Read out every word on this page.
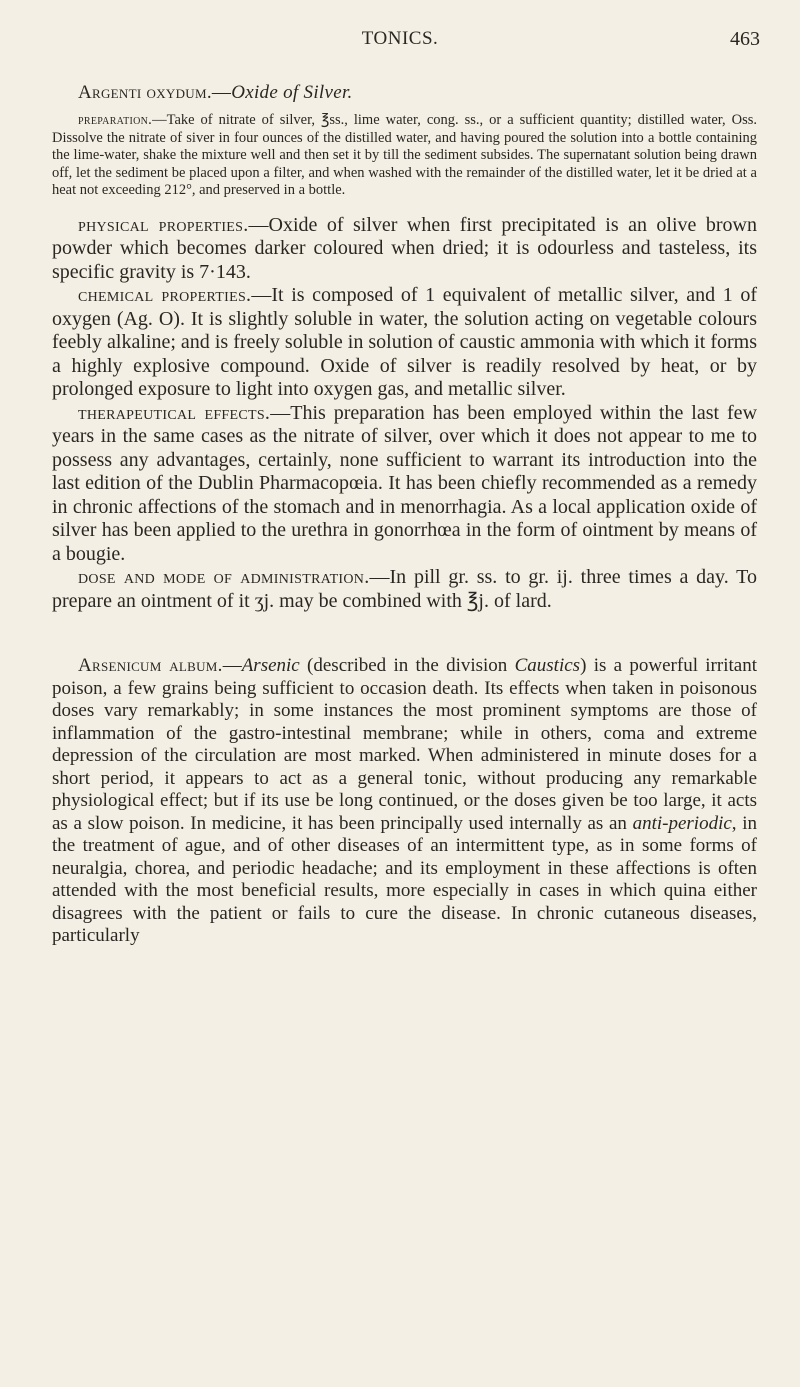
TONICS.	463
Argenti oxydum.—Oxide of Silver.

preparation.—Take of nitrate of silver, ℥ss., lime water, cong. ss., or a sufficient quantity; distilled water, Oss. Dissolve the nitrate of siver in four ounces of the distilled water, and having poured the solution into a bottle containing the lime-water, shake the mixture well and then set it by till the sediment subsides. The supernatant solution being drawn off, let the sediment be placed upon a filter, and when washed with the remainder of the distilled water, let it be dried at a heat not exceeding 212°, and preserved in a bottle.

physical properties.—Oxide of silver when first precipitated is an olive brown powder which becomes darker coloured when dried; it is odourless and tasteless, its specific gravity is 7·143.

chemical properties.—It is composed of 1 equivalent of metallic silver, and 1 of oxygen (Ag. O). It is slightly soluble in water, the solution acting on vegetable colours feebly alkaline; and is freely soluble in solution of caustic ammonia with which it forms a highly explosive compound. Oxide of silver is readily resolved by heat, or by prolonged exposure to light into oxygen gas, and metallic silver.

therapeutical effects.—This preparation has been employed within the last few years in the same cases as the nitrate of silver, over which it does not appear to me to possess any advantages, certainly, none sufficient to warrant its introduction into the last edition of the Dublin Pharmacopœia. It has been chiefly recommended as a remedy in chronic affections of the stomach and in menorrhagia. As a local application oxide of silver has been applied to the urethra in gonorrhœa in the form of ointment by means of a bougie.

dose and mode of administration.—In pill gr. ss. to gr. ij. three times a day. To prepare an ointment of it ʒj. may be combined with ℥j. of lard.

Arsenicum album.—Arsenic (described in the division Caustics) is a powerful irritant poison, a few grains being sufficient to occasion death. Its effects when taken in poisonous doses vary remarkably; in some instances the most prominent symptoms are those of inflammation of the gastro-intestinal membrane; while in others, coma and extreme depression of the circulation are most marked. When administered in minute doses for a short period, it appears to act as a general tonic, without producing any remarkable physiological effect; but if its use be long continued, or the doses given be too large, it acts as a slow poison. In medicine, it has been principally used internally as an anti-periodic, in the treatment of ague, and of other diseases of an intermittent type, as in some forms of neuralgia, chorea, and periodic headache; and its employment in these affections is often attended with the most beneficial results, more especially in cases in which quina either disagrees with the patient or fails to cure the disease. In chronic cutaneous diseases, particularly
